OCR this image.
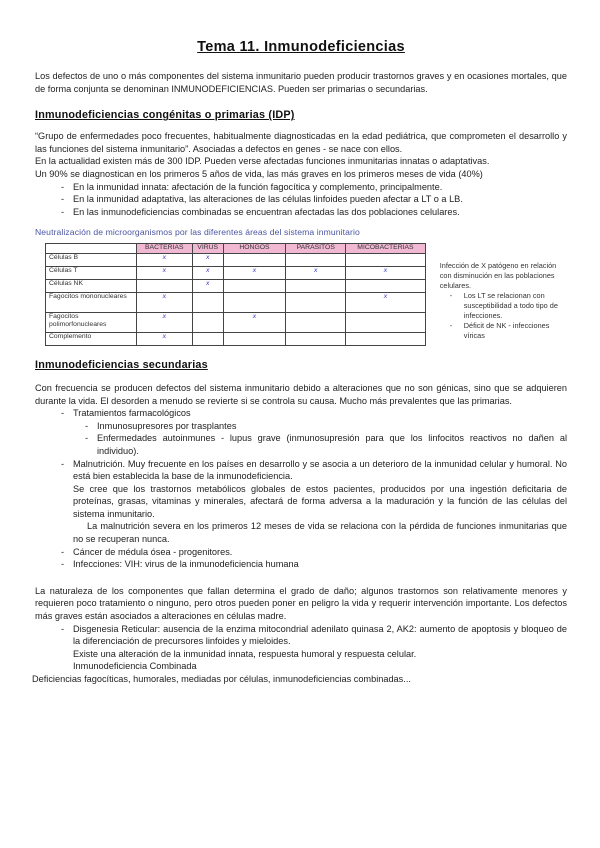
Tema 11. Inmunodeficiencias

Los defectos de uno o más componentes del sistema inmunitario pueden producir trastornos graves y en ocasiones mortales, que de forma conjunta se denominan INMUNODEFICIENCIAS. Pueden ser primarias o secundarias.

Inmunodeficiencias congénitas o primarias (IDP)

“Grupo de enfermedades poco frecuentes, habitualmente diagnosticadas en la edad pediátrica, que comprometen el desarrollo y las funciones del sistema inmunitario”. Asociadas a defectos en genes - se nace con ellos.

En la actualidad existen más de 300 IDP. Pueden verse afectadas funciones inmunitarias innatas o adaptativas.

Un 90% se diagnostican en los primeros 5 años de vida, las más graves en los primeros meses de vida (40%)

- En la inmunidad innata: afectación de la función fagocítica y complemento, principalmente.
- En la inmunidad adaptativa, las alteraciones de las células linfoides pueden afectar a LT o a LB.
- En las inmunodeficiencias combinadas se encuentran afectadas las dos poblaciones celulares.
Neutralización de microorganismos por las diferentes áreas del sistema inmunitario
	BACTERIAS	VIRUS	HONGOS	PARÁSITOS	MICOBACTERIAS
Células B	x	x			
Células T	x	x	x	x	x
Células NK		x			
Fagocitos mononucleares	x				x
Fagocitos polimorfonucleares	x		x		
Complemento	x				
Infección de X patógeno en relación con disminución en las poblaciones celulares.
- Los LT se relacionan con susceptibilidad a todo tipo de infecciones.
- Déficit de NK - infecciones víricas
Inmunodeficiencias secundarias

Con frecuencia se producen defectos del sistema inmunitario debido a alteraciones que no son génicas, sino que se adquieren durante la vida. El desorden a menudo se revierte si se controla su causa. Mucho más prevalentes que las primarias.

- Tratamientos farmacológicos
- Inmunosupresores por trasplantes
- Enfermedades autoinmunes - lupus grave (inmunosupresión para que los linfocitos reactivos no dañen al individuo).
- Malnutrición. Muy frecuente en los países en desarrollo y se asocia a un deterioro de la inmunidad celular y humoral. No está bien establecida la base de la inmunodeficiencia.
Se cree que los trastornos metabólicos globales de estos pacientes, producidos por una ingestión deficitaria de proteínas, grasas, vitaminas y minerales, afectará de forma adversa a la maduración y la función de las células del sistema inmunitario.
La malnutrición severa en los primeros 12 meses de vida se relaciona con la pérdida de funciones inmunitarias que no se recuperan nunca.
- Cáncer de médula ósea - progenitores.
- Infecciones: VIH: virus de la inmunodeficiencia humana

La naturaleza de los componentes que fallan determina el grado de daño; algunos trastornos son relativamente menores y requieren poco tratamiento o ninguno, pero otros pueden poner en peligro la vida y requerir intervención importante. Los defectos más graves están asociados a alteraciones en células madre.

- Disgenesia Reticular: ausencia de la enzima mitocondrial adenilato quinasa 2, AK2: aumento de apoptosis y bloqueo de la diferenciación de precursores linfoides y mieloides.
Existe una alteración de la inmunidad innata, respuesta humoral y respuesta celular.
Inmunodeficiencia Combinada

Deficiencias fagocíticas, humorales, mediadas por células, inmunodeficiencias combinadas...
